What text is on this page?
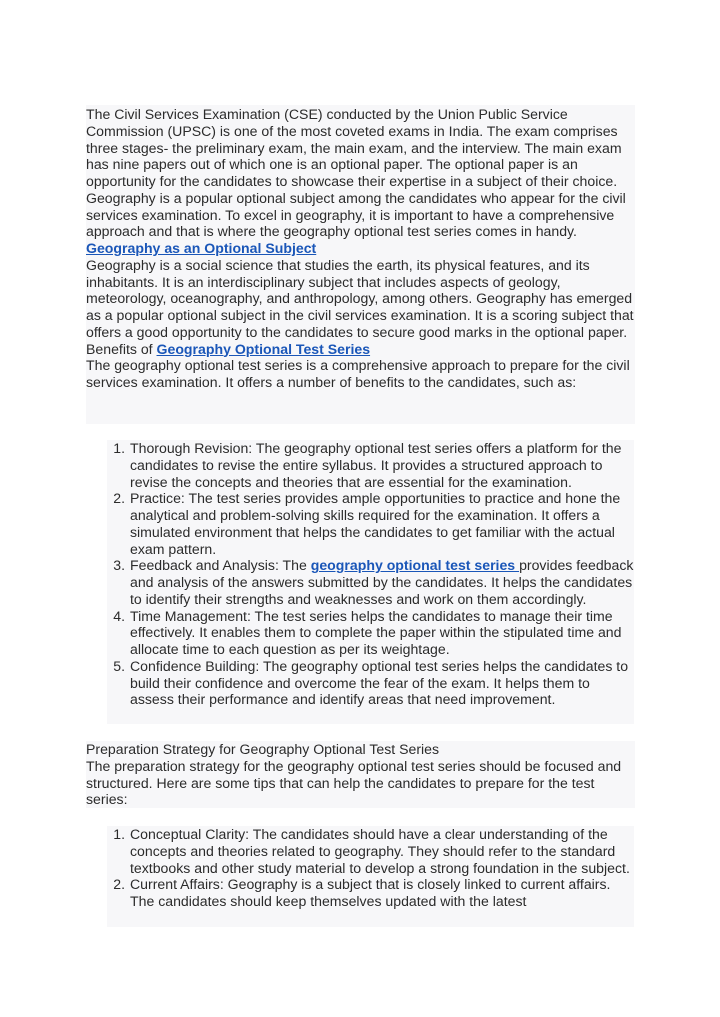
The Civil Services Examination (CSE) conducted by the Union Public Service Commission (UPSC) is one of the most coveted exams in India. The exam comprises three stages- the preliminary exam, the main exam, and the interview. The main exam has nine papers out of which one is an optional paper. The optional paper is an opportunity for the candidates to showcase their expertise in a subject of their choice. Geography is a popular optional subject among the candidates who appear for the civil services examination. To excel in geography, it is important to have a comprehensive approach and that is where the geography optional test series comes in handy.

Geography as an Optional Subject

Geography is a social science that studies the earth, its physical features, and its inhabitants. It is an interdisciplinary subject that includes aspects of geology, meteorology, oceanography, and anthropology, among others. Geography has emerged as a popular optional subject in the civil services examination. It is a scoring subject that offers a good opportunity to the candidates to secure good marks in the optional paper.

Benefits of Geography Optional Test Series

The geography optional test series is a comprehensive approach to prepare for the civil services examination. It offers a number of benefits to the candidates, such as:

1. Thorough Revision: The geography optional test series offers a platform for the candidates to revise the entire syllabus. It provides a structured approach to revise the concepts and theories that are essential for the examination.
2. Practice: The test series provides ample opportunities to practice and hone the analytical and problem-solving skills required for the examination. It offers a simulated environment that helps the candidates to get familiar with the actual exam pattern.
3. Feedback and Analysis: The geography optional test series provides feedback and analysis of the answers submitted by the candidates. It helps the candidates to identify their strengths and weaknesses and work on them accordingly.
4. Time Management: The test series helps the candidates to manage their time effectively. It enables them to complete the paper within the stipulated time and allocate time to each question as per its weightage.
5. Confidence Building: The geography optional test series helps the candidates to build their confidence and overcome the fear of the exam. It helps them to assess their performance and identify areas that need improvement.
Preparation Strategy for Geography Optional Test Series

The preparation strategy for the geography optional test series should be focused and structured. Here are some tips that can help the candidates to prepare for the test series:

1. Conceptual Clarity: The candidates should have a clear understanding of the concepts and theories related to geography. They should refer to the standard textbooks and other study material to develop a strong foundation in the subject.
2. Current Affairs: Geography is a subject that is closely linked to current affairs. The candidates should keep themselves updated with the latest
